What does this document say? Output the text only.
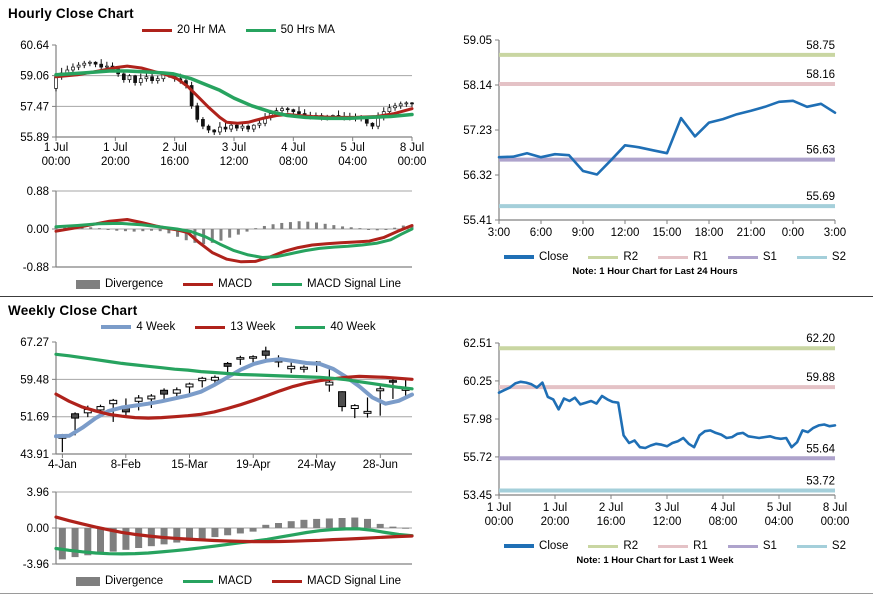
Hourly Close Chart
20 Hr MA	50 Hrs MA
60.64
59.06
57.47
55.89
1 Jul
00:00
1 Jul
20:00
2 Jul
16:00
3 Jul
12:00
4 Jul
08:00
5 Jul
04:00
8 Jul
00:00
0.88
0.00
-0.88
Divergence	MACD	MACD Signal Line
59.05
58.14
57.23
56.32
55.41
58.75
58.16
56.63
55.69
3:00 6:00 9:00 12:00 15:00 18:00 21:00 0:00 3:00
Close	R2	R1	S1	S2
Note: 1 Hour Chart for Last 24 Hours
Weekly Close Chart
4 Week	13 Week	40 Week
67.27
59.48
51.69
43.91
4-Jan	8-Feb	15-Mar 19-Apr 24-May 28-Jun
3.96
0.00
-3.96
Divergence	MACD	MACD Signal Line
62.51
60.25
57.98
55.72
53.45
62.20
59.88
55.64
53.72
1 Jul
00:00
1 Jul
20:00
2 Jul
16:00
3 Jul
12:00
4 Jul
08:00
5 Jul
04:00
8 Jul
00:00
Close	R2	R1	S1	S2
Note: 1 Hour Chart for Last 1 Week
